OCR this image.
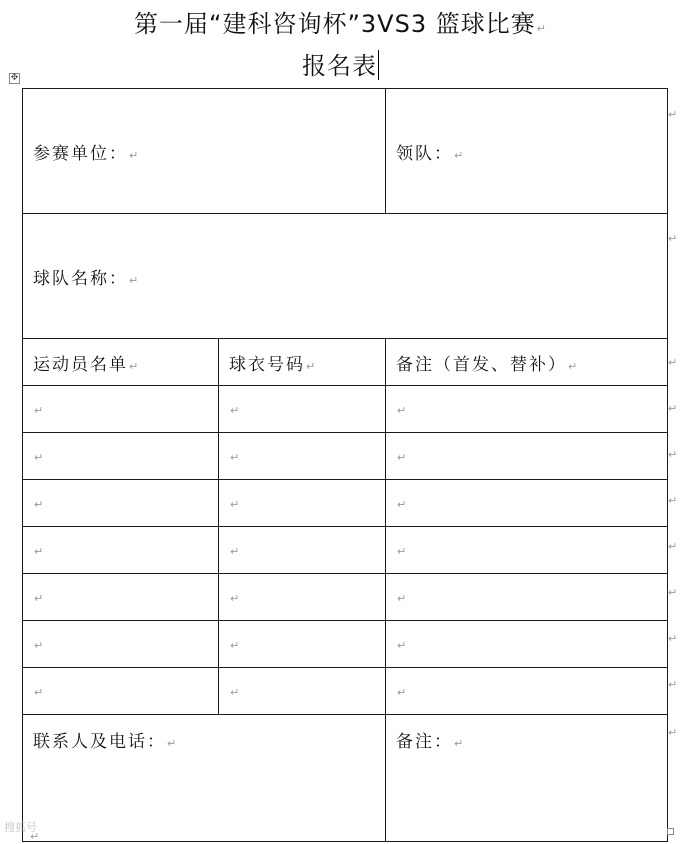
第一届“建科咨询杯”3VS3 篮球比赛↵
报名表
✥
参赛单位：↵		领队：↵
球队名称：↵		
运动员名单↵	球衣号码↵	备注（首发、替补）↵
↵	↵	↵
↵	↵	↵
↵	↵	↵
↵	↵	↵
↵	↵	↵
↵	↵	↵
↵	↵	↵
联系人及电话：↵		备注：↵
↵
↵
↵
↵
↵
↵
↵
↵
↵
↵
↵
↵
搜狐号
